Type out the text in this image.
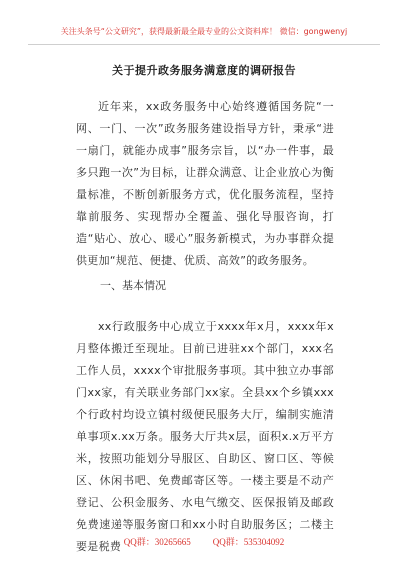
关注头条号“公文研究”，获得最新最全最专业的公文资料库！ 微信：gongwenyj
关于提升政务服务满意度的调研报告
近年来，xx政务服务中心始终遵循国务院“一网、一门、一次”政务服务建设指导方针，秉承“进一扇门，就能办成事”服务宗旨，以“办一件事，最多只跑一次”为目标，让群众满意、让企业放心为衡量标准，不断创新服务方式，优化服务流程，坚持靠前服务、实现帮办全覆盖、强化导服咨询，打造“贴心、放心、暖心”服务新模式，为办事群众提供更加“规范、便捷、优质、高效”的政务服务。
一、基本情况
xx行政服务中心成立于xxxx年x月，xxxx年x月整体搬迁至现址。目前已进驻xx个部门，xxx名工作人员，xxxx个审批服务事项。其中独立办事部门xx家，有关联业务部门xx家。全县xx个乡镇xxx个行政村均设立镇村级便民服务大厅，编制实施清单事项x.xx万条。服务大厅共x层，面积x.x万平方米，按照功能划分导服区、自助区、窗口区、等候区、休闲书吧、免费邮寄区等。一楼主要是不动产登记、公积金服务、水电气缴交、医保报销及邮政免费速递等服务窗口和xx小时自助服务区；二楼主要是税费 QQ群：30265665 QQ群：535304092
